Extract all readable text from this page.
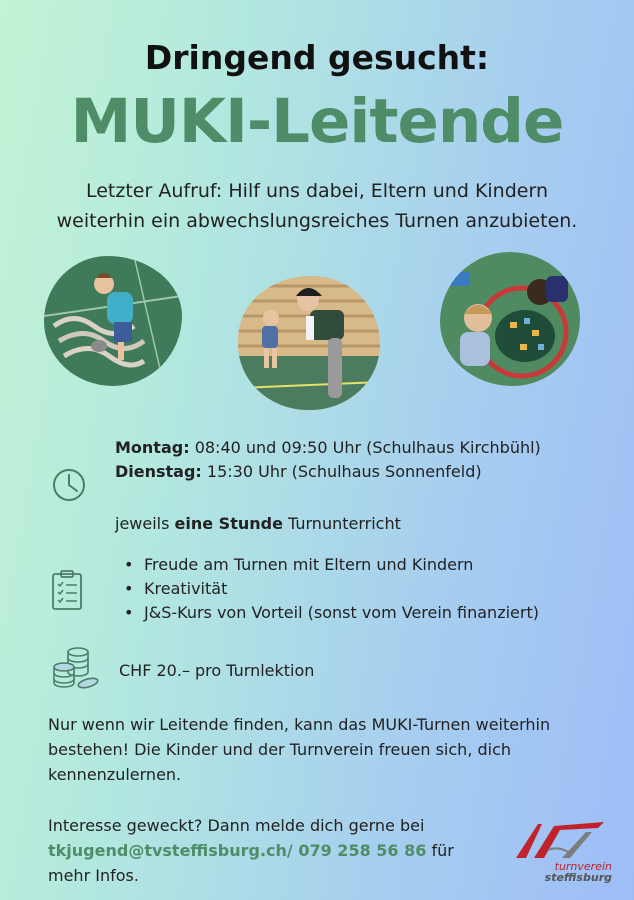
Dringend gesucht:
MUKI-Leitende
Letzter Aufruf: Hilf uns dabei, Eltern und Kindern
weiterhin ein abwechslungsreiches Turnen anzubieten.
Montag: 08:40 und 09:50 Uhr (Schulhaus Kirchbühl)
Dienstag: 15:30 Uhr (Schulhaus Sonnenfeld)
jeweils eine Stunde Turnunterricht
• Freude am Turnen mit Eltern und Kindern
• Kreativität
• J&S-Kurs von Vorteil (sonst vom Verein finanziert)
CHF 20.– pro Turnlektion
Nur wenn wir Leitende finden, kann das MUKI-Turnen weiterhin bestehen! Die Kinder und der Turnverein freuen sich, dich kennenzulernen.
Interesse geweckt? Dann melde dich gerne bei tkjugend@tvsteffisburg.ch/ 079 258 56 86 für mehr Infos.	turnverein
steffisburg
